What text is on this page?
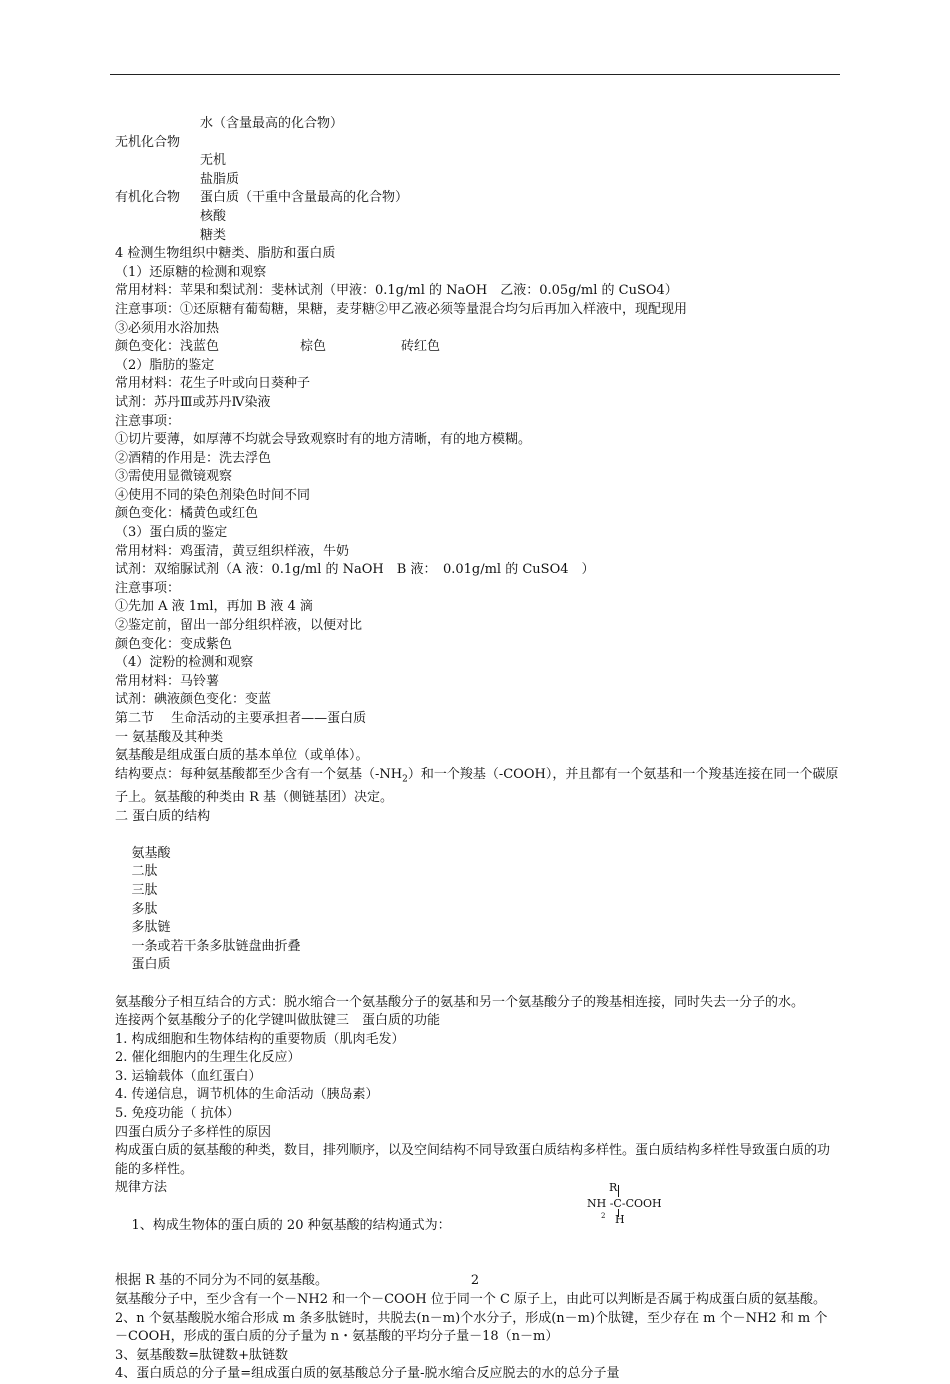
水（含量最高的化合物）
无机化合物
无机
盐脂质
有机化合物 蛋白质（干重中含量最高的化合物）
核酸
糖类
4 检测生物组织中糖类、脂肪和蛋白质
（1）还原糖的检测和观察
常用材料：苹果和梨试剂：斐林试剂（甲液：0.1g/ml 的 NaOH　乙液：0.05g/ml 的 CuSO4）
注意事项：①还原糖有葡萄糖，果糖，麦芽糖②甲乙液必须等量混合均匀后再加入样液中，现配现用
③必须用水浴加热
颜色变化：浅蓝色	棕色	砖红色
（2）脂肪的鉴定
常用材料：花生子叶或向日葵种子
试剂：苏丹Ⅲ或苏丹Ⅳ染液
注意事项：
①切片要薄，如厚薄不均就会导致观察时有的地方清晰，有的地方模糊。
②酒精的作用是：洗去浮色
③需使用显微镜观察
④使用不同的染色剂染色时间不同
颜色变化：橘黄色或红色
（3）蛋白质的鉴定
常用材料：鸡蛋清，黄豆组织样液，牛奶
试剂：双缩脲试剂（A 液：0.1g/ml 的 NaOH　B 液：　0.01g/ml 的 CuSO4　）
注意事项：
①先加 A 液 1ml，再加 B 液 4 滴
②鉴定前，留出一部分组织样液，以便对比
颜色变化：变成紫色
（4）淀粉的检测和观察
常用材料：马铃薯
试剂：碘液颜色变化：变蓝
第二节　 生命活动的主要承担者——蛋白质
一 氨基酸及其种类
氨基酸是组成蛋白质的基本单位（或单体）。
结构要点：每种氨基酸都至少含有一个氨基$(-NH_2)$和一个羧基（-COOH），并且都有一个氨基和一个羧基连接在同一个碳原子上。氨基酸的种类由 R 基（侧链基团）决定。
二 蛋白质的结构

氨基酸
二肽
三肽
多肽
多肽链
一条或若干条多肽链盘曲折叠
蛋白质

氨基酸分子相互结合的方式：脱水缩合一个氨基酸分子的氨基和另一个氨基酸分子的羧基相连接，同时失去一分子的水。
连接两个氨基酸分子的化学键叫做肽键三　蛋白质的功能
1. 构成细胞和生物体结构的重要物质（肌肉毛发）
2. 催化细胞内的生理生化反应）
3. 运输载体（血红蛋白）
4. 传递信息，调节机体的生命活动（胰岛素）
5. 免疫功能（ 抗体）
四蛋白质分子多样性的原因
构成蛋白质的氨基酸的种类，数目，排列顺序，以及空间结构不同导致蛋白质结构多样性。蛋白质结构多样性导致蛋白质的功能的多样性。
规律方法

1、构成生物体的蛋白质的 20 种氨基酸的结构通式为：

R

NH -C-COOH

2

H

根据 R 基的不同分为不同的氨基酸。
氨基酸分子中，至少含有一个－NH2 和一个－COOH 位于同一个 C 原子上，由此可以判断是否属于构成蛋白质的氨基酸。
2、n 个氨基酸脱水缩合形成 m 条多肽链时，共脱去(n－m)个水分子，形成(n－m)个肽键，至少存在 m 个－NH2 和 m 个－COOH，形成的蛋白质的分子量为 n・氨基酸的平均分子量－18（n－m）
3、氨基酸数=肽键数+肽链数
4、蛋白质总的分子量=组成蛋白质的氨基酸总分子量-脱水缩合反应脱去的水的总分子量
2
